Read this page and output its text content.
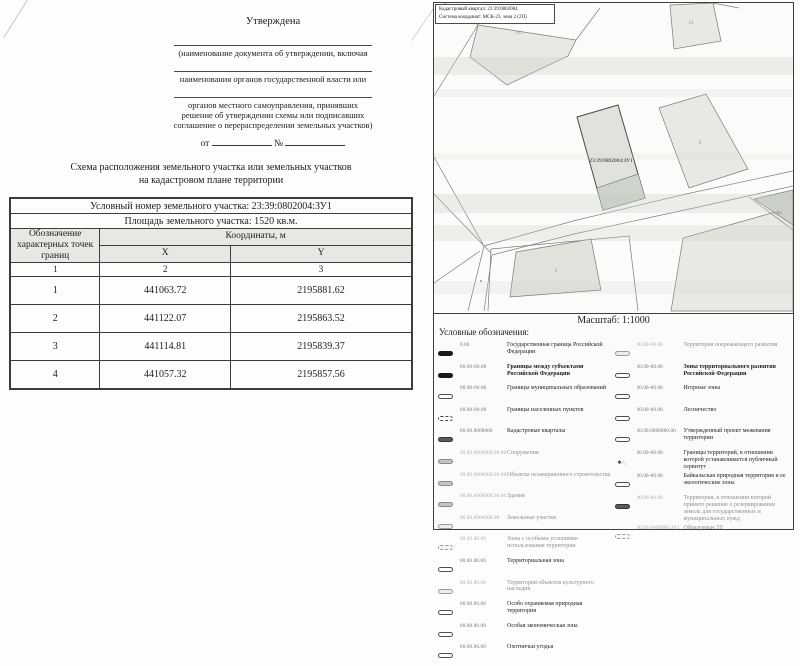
Утверждена
(наименование документа об утверждении, включая
наименования органов государственной власти или
органов местного самоуправления, принявших
решение об утверждении схемы или подписавших
соглашение о перераспределении земельных участков)
от	№
Схема расположения земельного участка или земельных участков
на кадастровом плане территории
Условный номер земельного участка: 23:39:0802004:ЗУ1		
Площадь земельного участка: 1520 кв.м.		
Обозначение характерных точек границ	Координаты, м	
	X	Y
1	2	3
1	441063.72	2195881.62
2	441122.07	2195863.52
3	441114.81	2195839.37
4	441057.32	2195857.56
Кадастровый квартал: 23:39:0802004
Система координат: МСК-23, зона 2 (2П)
(6)
11
8
3
(36)
23:39:0802004:ЗУ1
Масштаб: 1:1000
Условные обозначения:
0.00	Государственная граница Российской Федерации
00.00-00.00	Границы между субъектами Российской Федерации
00.00-00.00	Границы муниципальных образований
00.00-00.00	Границы населенных пунктов
00.00.0000000	Кадастровые кварталы
00.00.0000000.00.00 Сооружения
00.00.0000000.00.00 Объекты незавершенного строительства
00.00.0000000.00.00 Здания
00.00.0000000.00	Земельные участки
00.00.00.00	Зоны с особыми условиями использования территории
00.00.00.00	Территориальная зона
00.00.00.00	Территория объектов культурного наследия
00.00.00.00	Особо охраняемая природная территория
00.00.00.00	Особая экономическая зона
00.00.00.00	Охотничьи угодья
00.00-00.00	Территория опережающего развития
00.00-00.00	Зоны территориального развития Российской Федерации
00.00-00.00	Игорные зоны
00.00-00.00	Лесничество
00.00.0000000.00	Утвержденный проект межевания территории
✱⁄,
00.00-00.00	Границы территорий, в отношении которой устанавливается публичный сервитут
00.00-00.00	Байкальская природная территория и ее экологические зоны
00.00-00.00	Территория, в отношении которой принято решение о резервировании земель для государственных и муниципальных нужд
00.00.0000000.ЗУ1 Образуемые ЗУ
